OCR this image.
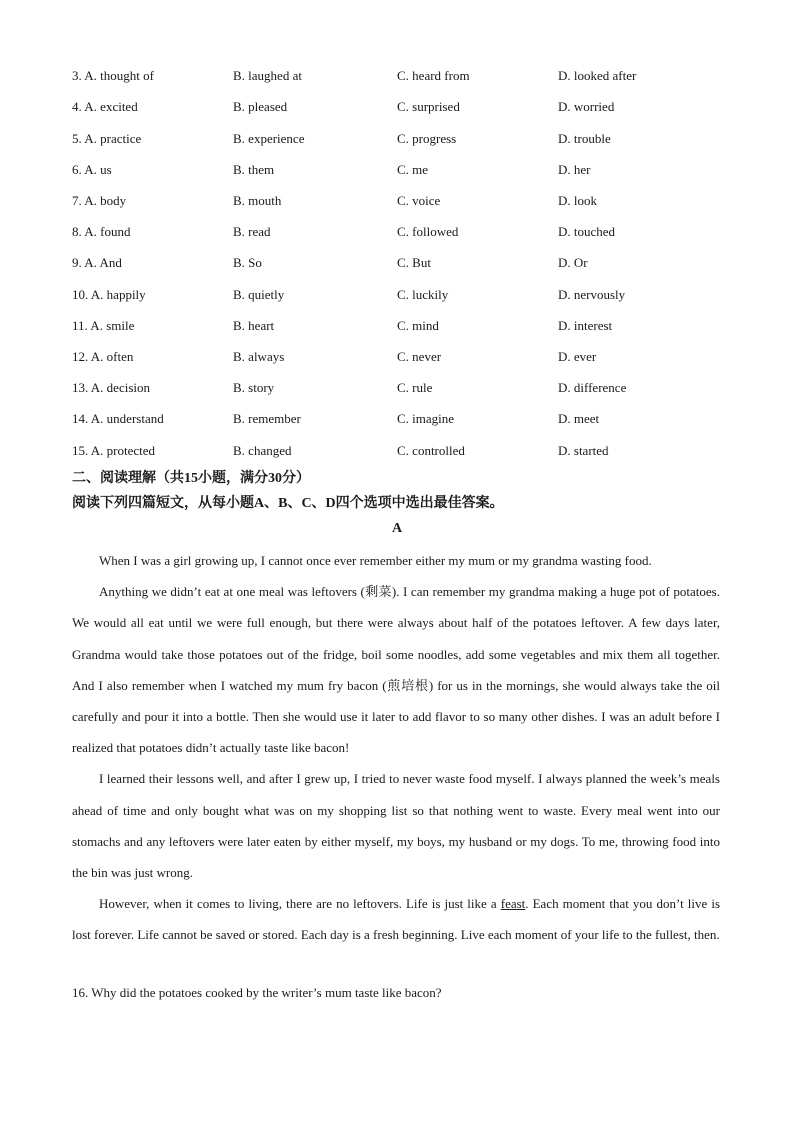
3. A. thought of	B. laughed at	C. heard from	D. looked after
4. A. excited	B. pleased	C. surprised	D. worried
5. A. practice	B. experience	C. progress	D. trouble
6. A. us	B. them	C. me	D. her
7. A. body	B. mouth	C. voice	D. look
8. A. found	B. read	C. followed	D. touched
9. A. And	B. So	C. But	D. Or
10. A. happily	B. quietly	C. luckily	D. nervously
11. A. smile	B. heart	C. mind	D. interest
12. A. often	B. always	C. never	D. ever
13. A. decision	B. story	C. rule	D. difference
14. A. understand	B. remember	C. imagine	D. meet
15. A. protected	B. changed	C. controlled	D. started
二、阅读理解（共15小题，满分30分）
阅读下列四篇短文，从每小题A、B、C、D四个选项中选出最佳答案。
A

When I was a girl growing up, I cannot once ever remember either my mum or my grandma wasting food.

Anything we didn’t eat at one meal was leftovers (剩菜). I can remember my grandma making a huge pot of potatoes. We would all eat until we were full enough, but there were always about half of the potatoes leftover. A few days later, Grandma would take those potatoes out of the fridge, boil some noodles, add some vegetables and mix them all together. And I also remember when I watched my mum fry bacon (煎培根) for us in the mornings, she would always take the oil carefully and pour it into a bottle. Then she would use it later to add flavor to so many other dishes. I was an adult before I realized that potatoes didn’t actually taste like bacon!

I learned their lessons well, and after I grew up, I tried to never waste food myself. I always planned the week’s meals ahead of time and only bought what was on my shopping list so that nothing went to waste. Every meal went into our stomachs and any leftovers were later eaten by either myself, my boys, my husband or my dogs. To me, throwing food into the bin was just wrong.

However, when it comes to living, there are no leftovers. Life is just like a feast. Each moment that you don’t live is lost forever. Life cannot be saved or stored. Each day is a fresh beginning. Live each moment of your life to the fullest, then.

16. Why did the potatoes cooked by the writer’s mum taste like bacon?
